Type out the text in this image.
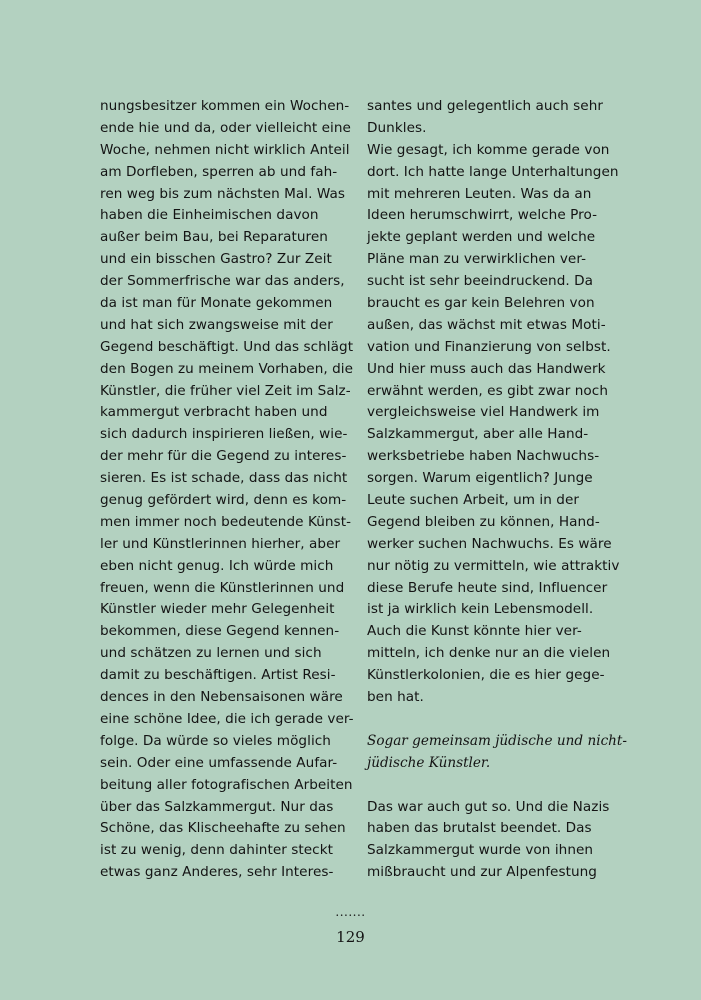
nungsbesitzer kommen ein Wochen-
ende hie und da, oder vielleicht eine
Woche, nehmen nicht wirklich Anteil
am Dorfleben, sperren ab und fah-
ren weg bis zum nächsten Mal. Was
haben die Einheimischen davon
außer beim Bau, bei Reparaturen
und ein bisschen Gastro? Zur Zeit
der Sommerfrische war das anders,
da ist man für Monate gekommen
und hat sich zwangsweise mit der
Gegend beschäftigt. Und das schlägt
den Bogen zu meinem Vorhaben, die
Künstler, die früher viel Zeit im Salz-
kammergut verbracht haben und
sich dadurch inspirieren ließen, wie-
der mehr für die Gegend zu interes-
sieren. Es ist schade, dass das nicht
genug gefördert wird, denn es kom-
men immer noch bedeutende Künst-
ler und Künstlerinnen hierher, aber
eben nicht genug. Ich würde mich
freuen, wenn die Künstlerinnen und
Künstler wieder mehr Gelegenheit
bekommen, diese Gegend kennen-
und schätzen zu lernen und sich
damit zu beschäftigen. Artist Resi-
dences in den Nebensaisonen wäre
eine schöne Idee, die ich gerade ver-
folge. Da würde so vieles möglich
sein. Oder eine umfassende Aufar-
beitung aller fotografischen Arbeiten
über das Salzkammergut. Nur das
Schöne, das Klischeehafte zu sehen
ist zu wenig, denn dahinter steckt
etwas ganz Anderes, sehr Interes-
santes und gelegentlich auch sehr
Dunkles.
Wie gesagt, ich komme gerade von
dort. Ich hatte lange Unterhaltungen
mit mehreren Leuten. Was da an
Ideen herumschwirrt, welche Pro-
jekte geplant werden und welche
Pläne man zu verwirklichen ver-
sucht ist sehr beeindruckend. Da
braucht es gar kein Belehren von
außen, das wächst mit etwas Moti-
vation und Finanzierung von selbst.
Und hier muss auch das Handwerk
erwähnt werden, es gibt zwar noch
vergleichsweise viel Handwerk im
Salzkammergut, aber alle Hand-
werksbetriebe haben Nachwuchs-
sorgen. Warum eigentlich? Junge
Leute suchen Arbeit, um in der
Gegend bleiben zu können, Hand-
werker suchen Nachwuchs. Es wäre
nur nötig zu vermitteln, wie attraktiv
diese Berufe heute sind, Influencer
ist ja wirklich kein Lebensmodell.
Auch die Kunst könnte hier ver-
mitteln, ich denke nur an die vielen
Künstlerkolonien, die es hier gege-
ben hat.
Sogar gemeinsam jüdische und nicht-
jüdische Künstler.
Das war auch gut so. Und die Nazis
haben das brutalst beendet. Das
Salzkammergut wurde von ihnen
mißbraucht und zur Alpenfestung
.......
129
